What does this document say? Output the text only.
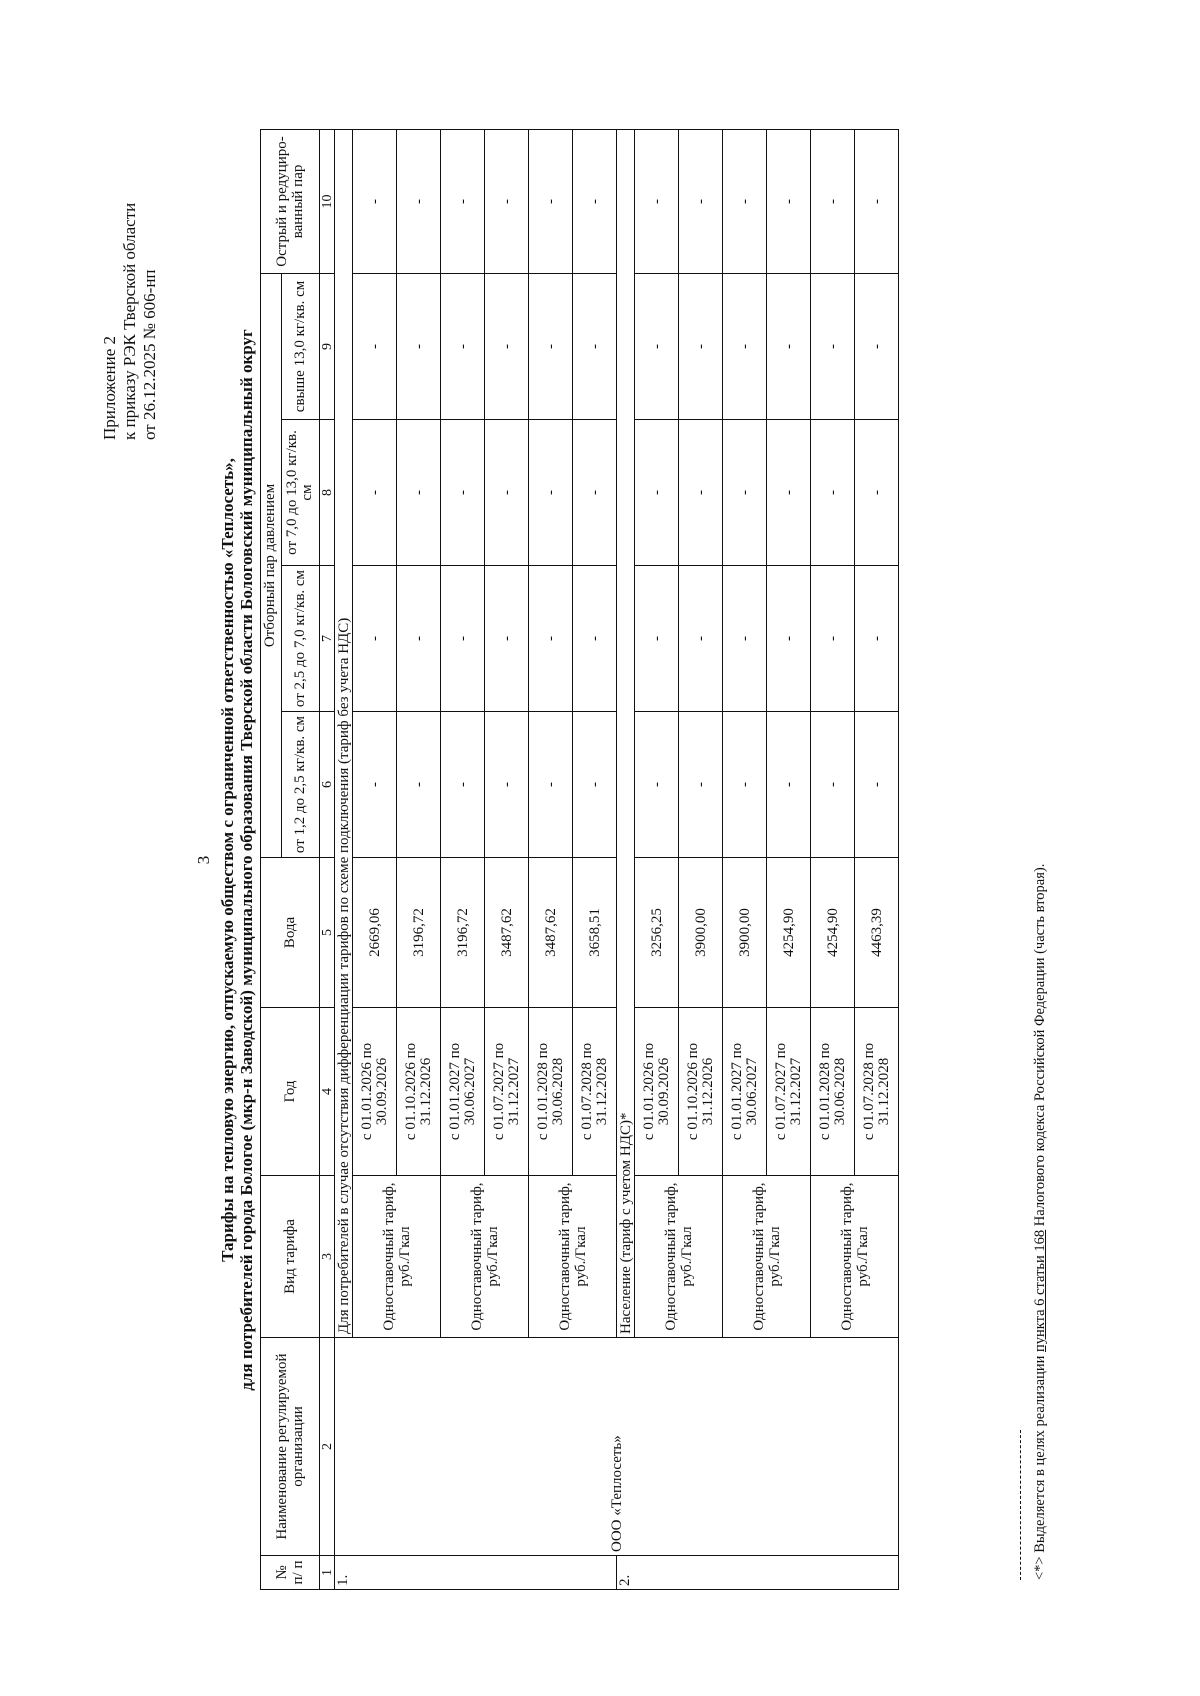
3
Приложение 2 к приказу РЭК Тверской области от 26.12.2025 № 606-нп
Тарифы на тепловую энергию, отпускаемую обществом с ограниченной ответственностью «Теплосеть», для потребителей города Бологое (мкр-н Заводской) муниципального образования Тверской области Бологовский муниципальный округ
№ п/ п	Наименование регулируемой организации	Вид тарифа	Год	Вода	Отборный пар давлением				Острый и редуциро- ванный пар
					от 1,2 до 2,5 кг/кв. см	от 2,5 до 7,0 кг/кв. см	от 7,0 до 13,0 кг/кв. см	свыше 13,0 кг/кв. см	
1	2	3	4	5	6	7	8	9	10
1.	ООО «Теплосеть»	Для потребителей в случае отсутствия дифференциации тарифов по схеме подключения (тариф без учета НДС)							
		Одноставочный тариф, руб./Гкал	с 01.01.2026 по 30.09.2026	2669,06	-	-	-	-	-
			с 01.10.2026 по 31.12.2026	3196,72	-	-	-	-	-
		Одноставочный тариф, руб./Гкал	с 01.01.2027 по 30.06.2027	3196,72	-	-	-	-	-
			с 01.07.2027 по 31.12.2027	3487,62	-	-	-	-	-
		Одноставочный тариф, руб./Гкал	с 01.01.2028 по 30.06.2028	3487,62	-	-	-	-	-
			с 01.07.2028 по 31.12.2028	3658,51	-	-	-	-	-
2.		Население (тариф с учетом НДС)*							
		Одноставочный тариф, руб./Гкал	с 01.01.2026 по 30.09.2026	3256,25	-	-	-	-	-
			с 01.10.2026 по 31.12.2026	3900,00	-	-	-	-	-
		Одноставочный тариф, руб./Гкал	с 01.01.2027 по 30.06.2027	3900,00	-	-	-	-	-
			с 01.07.2027 по 31.12.2027	4254,90	-	-	-	-	-
		Одноставочный тариф, руб./Гкал	с 01.01.2028 по 30.06.2028	4254,90	-	-	-	-	-
			с 01.07.2028 по 31.12.2028	4463,39	-	-	-	-	-
<*> Выделяется в целях реализации пункта 6 статьи 168 Налогового кодекса Российской Федерации (часть вторая).
